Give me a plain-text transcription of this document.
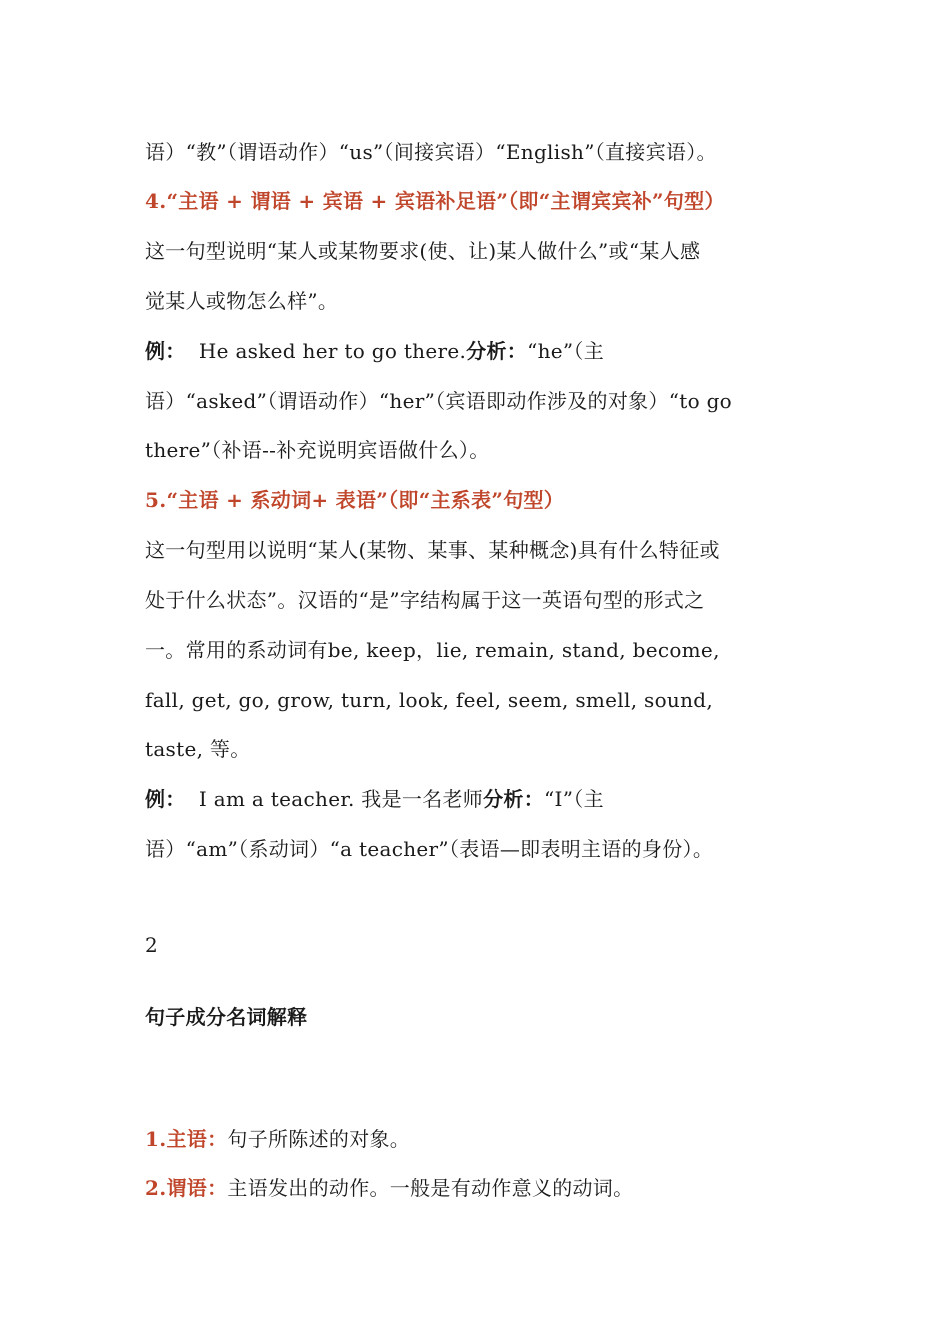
语）“教”（谓语动作）“us”（间接宾语）“English”（直接宾语）。
4.“主语 + 谓语 + 宾语 + 宾语补足语”（即“主谓宾宾补”句型）
这一句型说明“某人或某物要求(使、让)某人做什么”或“某人感
觉某人或物怎么样”。
例：  He asked her to go there.分析：“he”（主
语）“asked”（谓语动作）“her”（宾语即动作涉及的对象）“to go
there”（补语--补充说明宾语做什么）。
5.“主语 + 系动词+ 表语”（即“主系表”句型）
这一句型用以说明“某人(某物、某事、某种概念)具有什么特征或
处于什么状态”。汉语的“是”字结构属于这一英语句型的形式之
一。常用的系动词有be, keep，lie, remain, stand, become,
fall, get, go, grow, turn, look, feel, seem, smell, sound,
taste, 等。
例：  I am a teacher. 我是一名老师分析：“I”（主
语）“am”（系动词）“a teacher”（表语—即表明主语的身份）。
2
句子成分名词解释
1.主语：句子所陈述的对象。
2.谓语：主语发出的动作。一般是有动作意义的动词。
